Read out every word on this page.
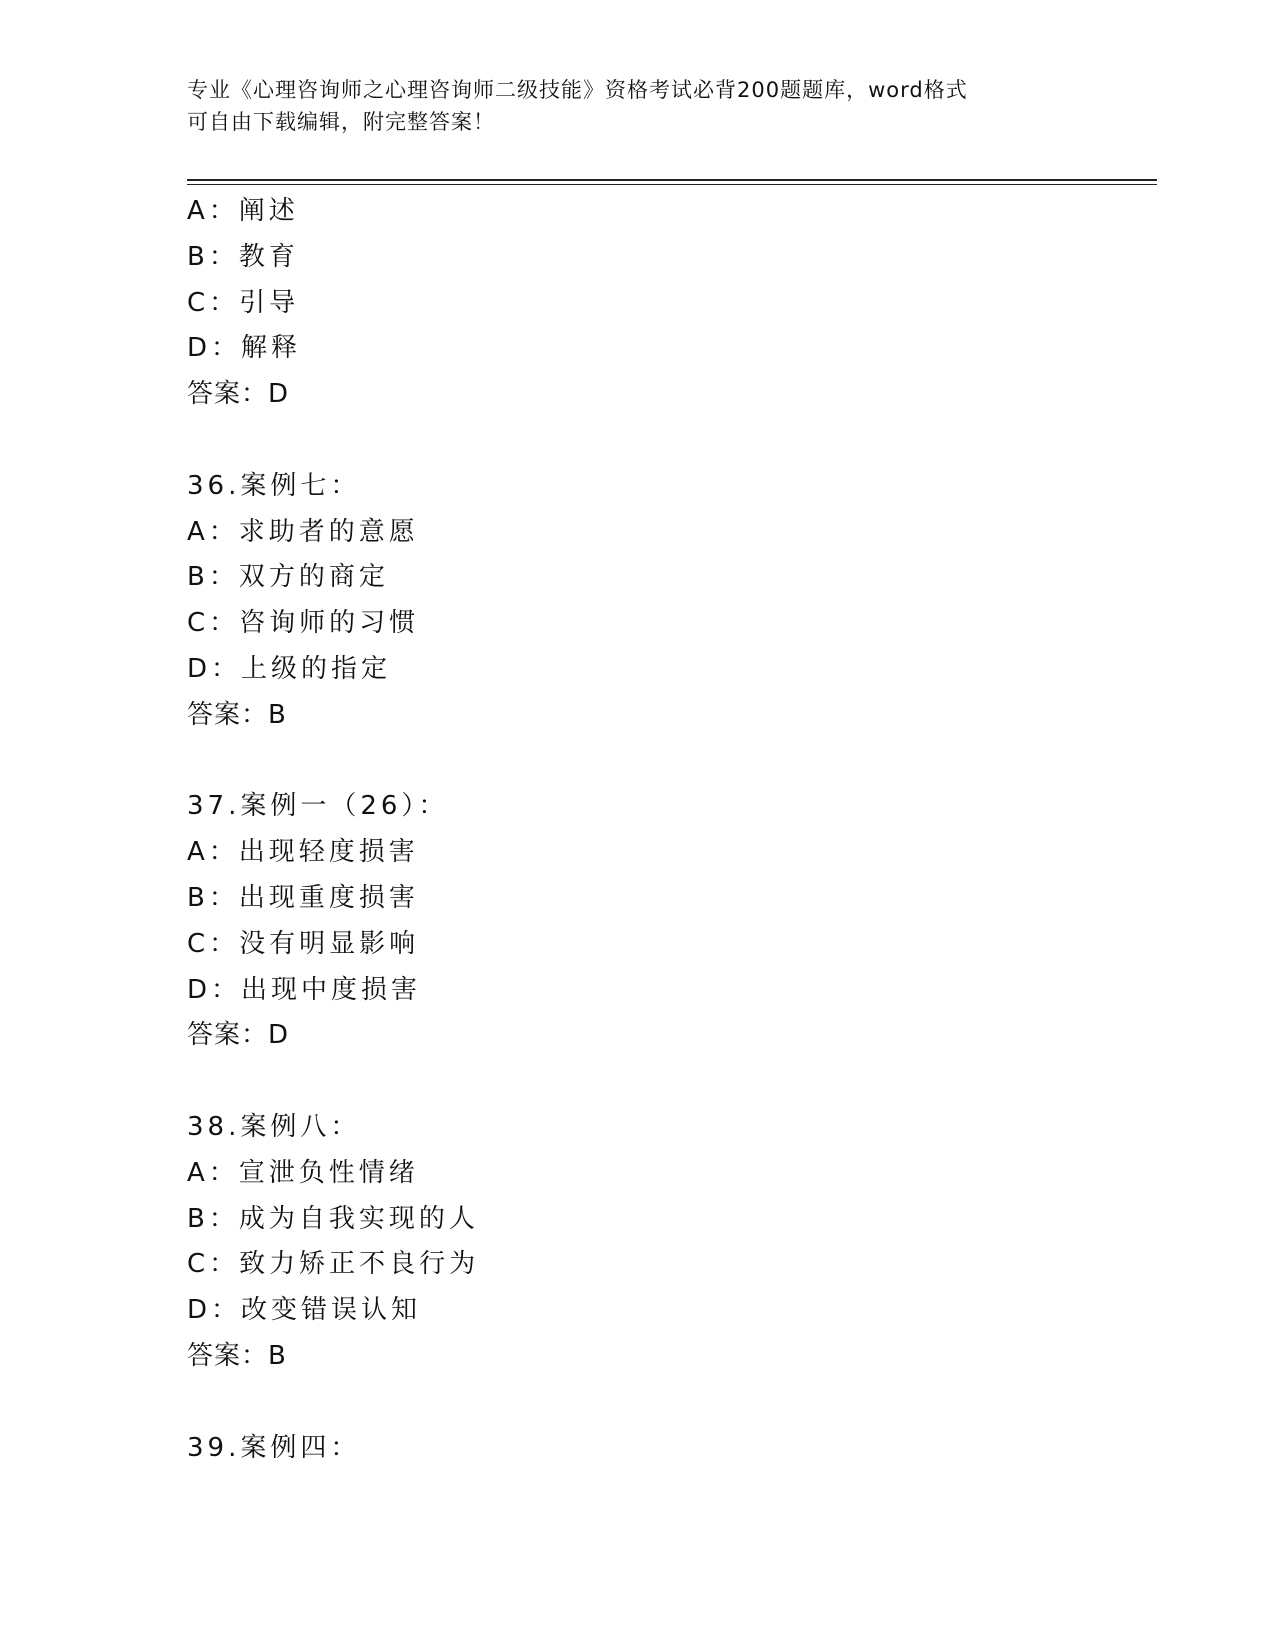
专业《心理咨询师之心理咨询师二级技能》资格考试必背200题题库，word格式
可自由下载编辑，附完整答案！
A：阐述
B：教育
C：引导
D：解释
答案：D
36.案例七：
A：求助者的意愿
B：双方的商定
C：咨询师的习惯
D：上级的指定
答案：B
37.案例一（26）：
A：出现轻度损害
B：出现重度损害
C：没有明显影响
D：出现中度损害
答案：D
38.案例八：
A：宣泄负性情绪
B：成为自我实现的人
C：致力矫正不良行为
D：改变错误认知
答案：B
39.案例四：
